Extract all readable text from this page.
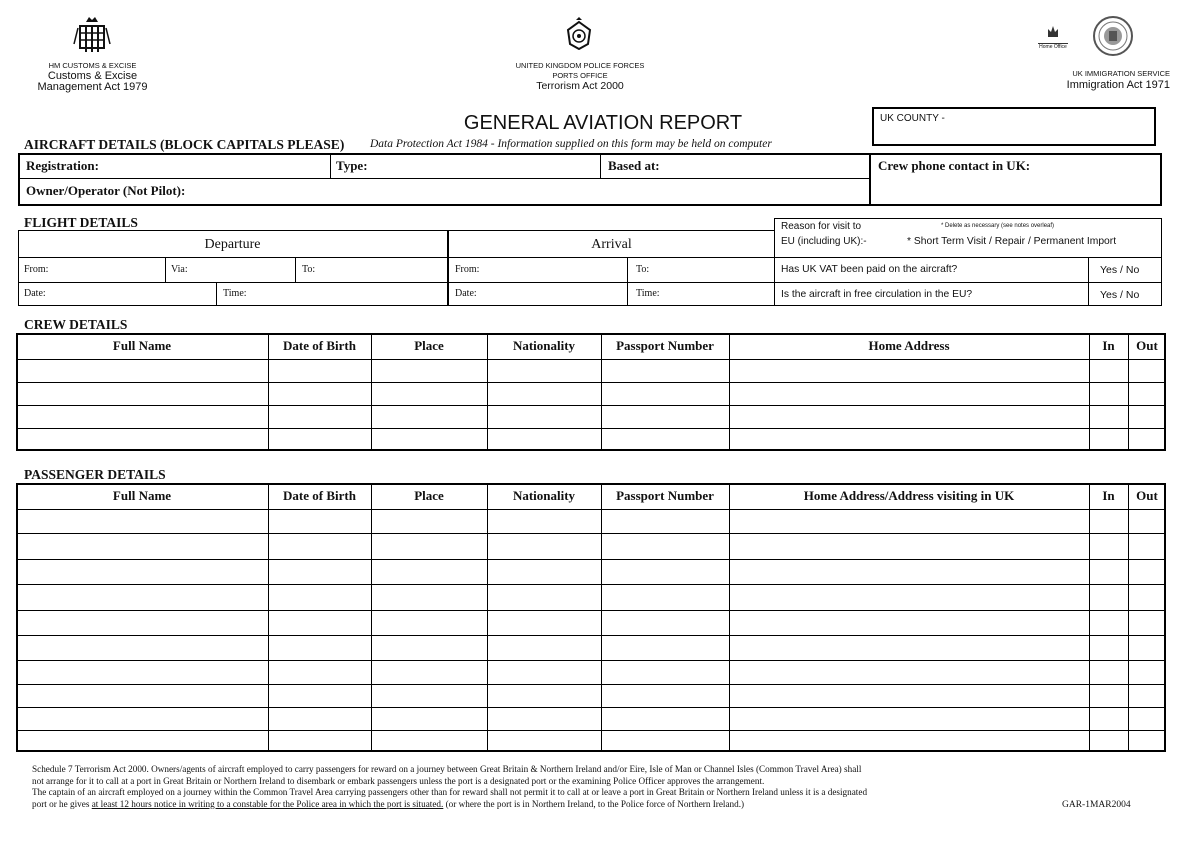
HM CUSTOMS & EXCISE
Customs & Excise
Management Act 1979
UNITED KINGDOM POLICE FORCES
PORTS OFFICE
Terrorism Act 2000
Home Office
UK IMMIGRATION SERVICE
Immigration Act 1971
GENERAL AVIATION REPORT	UK COUNTY -
AIRCRAFT DETAILS (BLOCK CAPITALS PLEASE) Data Protection Act 1984 - Information supplied on this form may be held on computer
Registration:	Type:	Based at:	Crew phone contact in UK:
Owner/Operator (Not Pilot):
FLIGHT DETAILS
Departure	Arrival
From:	Via:	To:	From:	To:
Date:	Time:	Date:	Time:
Reason for visit to	* Delete as necessary (see notes overleaf)
EU (including UK):-	* Short Term Visit / Repair / Permanent Import
Has UK VAT been paid on the aircraft?	Yes / No
Is the aircraft in free circulation in the EU?	Yes / No
CREW DETAILS
Full Name	Date of Birth	Place	Nationality	Passport Number	Home Address	In	Out
PASSENGER DETAILS
Full Name	Date of Birth	Place	Nationality	Passport Number	Home Address/Address visiting in UK	In	Out

Schedule 7 Terrorism Act 2000. Owners/agents of aircraft employed to carry passengers for reward on a journey between Great Britain & Northern Ireland and/or Eire, Isle of Man or Channel Isles (Common Travel Area) shall

not arrange for it to call at a port in Great Britain or Northern Ireland to disembark or embark passengers unless the port is a designated port or the examining Police Officer approves the arrangement.

The captain of an aircraft employed on a journey within the Common Travel Area carrying passengers other than for reward shall not permit it to call at or leave a port in Great Britain or Northern Ireland unless it is a designated

port or he gives at least 12 hours notice in writing to a constable for the Police area in which the port is situated. (or where the port is in Northern Ireland, to the Police force of Northern Ireland.)	GAR-1MAR2004
